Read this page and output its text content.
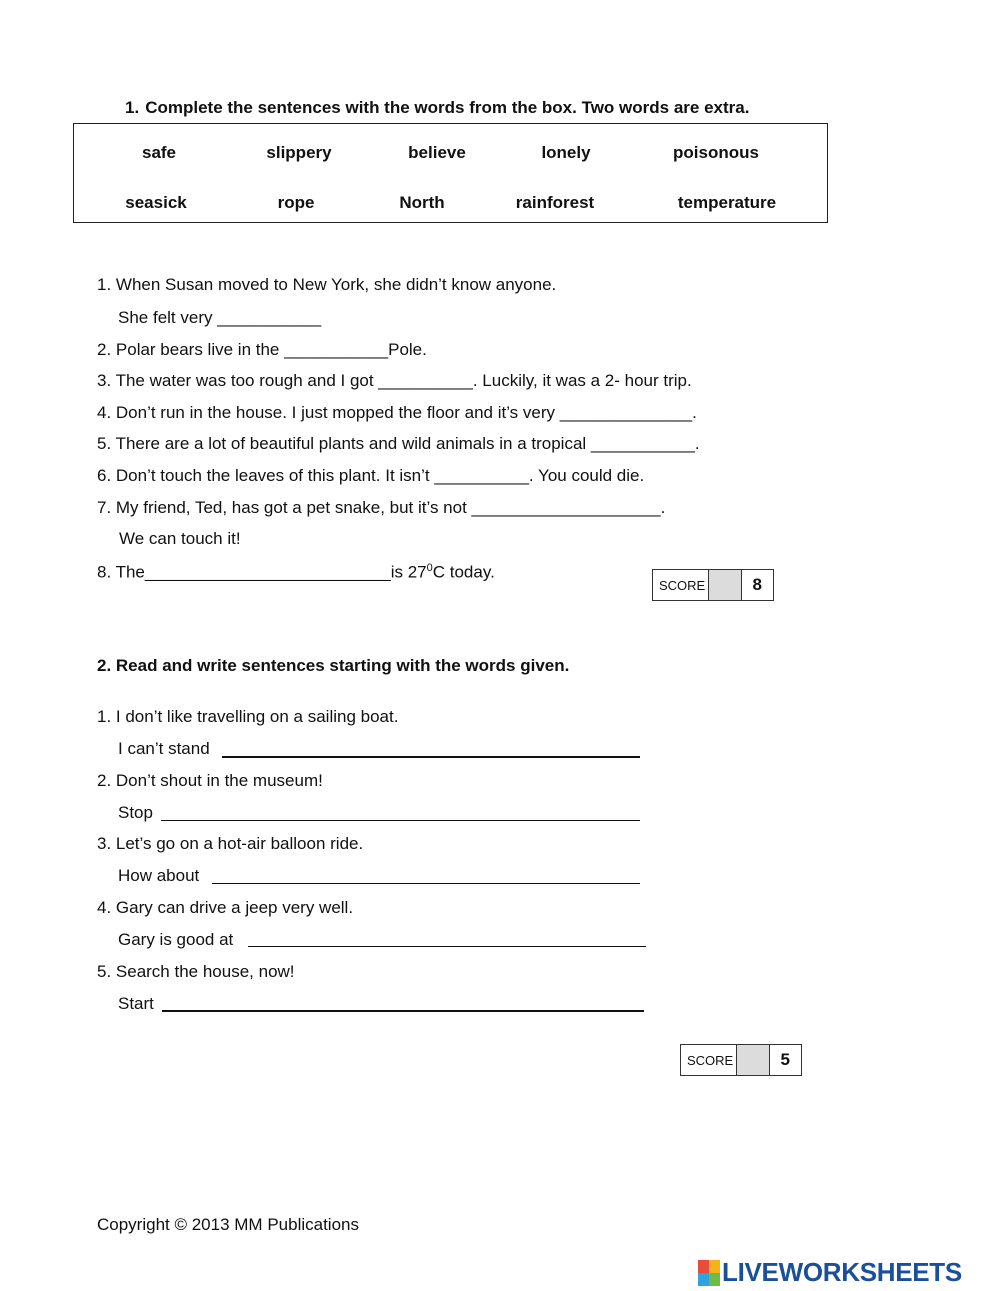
1. Complete the sentences with the words from the box. Two words are extra.
safe	slippery	believe	lonely	poisonous
seasick	rope	North	rainforest	temperature
1. When Susan moved to New York, she didn’t know anyone.
She felt very ___________
2. Polar bears live in the ___________Pole.
3. The water was too rough and I got __________. Luckily, it was a 2- hour trip.
4. Don’t run in the house. I just mopped the floor and it’s very ______________.
5. There are a lot of beautiful plants and wild animals in a tropical ___________.
6. Don’t touch the leaves of this plant. It isn’t __________. You could die.
7. My friend, Ted, has got a pet snake, but it’s not ____________________.
We can touch it!
8. The__________________________is $27^0C$ today.
SCORE	8
2. Read and write sentences starting with the words given.
1. I don’t like travelling on a sailing boat.
I can’t stand
2. Don’t shout in the museum!
Stop
3. Let’s go on a hot-air balloon ride.
How about
4. Gary can drive a jeep very well.
Gary is good at
5. Search the house, now!
Start
SCORE	5
Copyright © 2013 MM Publications
LIVEWORKSHEETS
